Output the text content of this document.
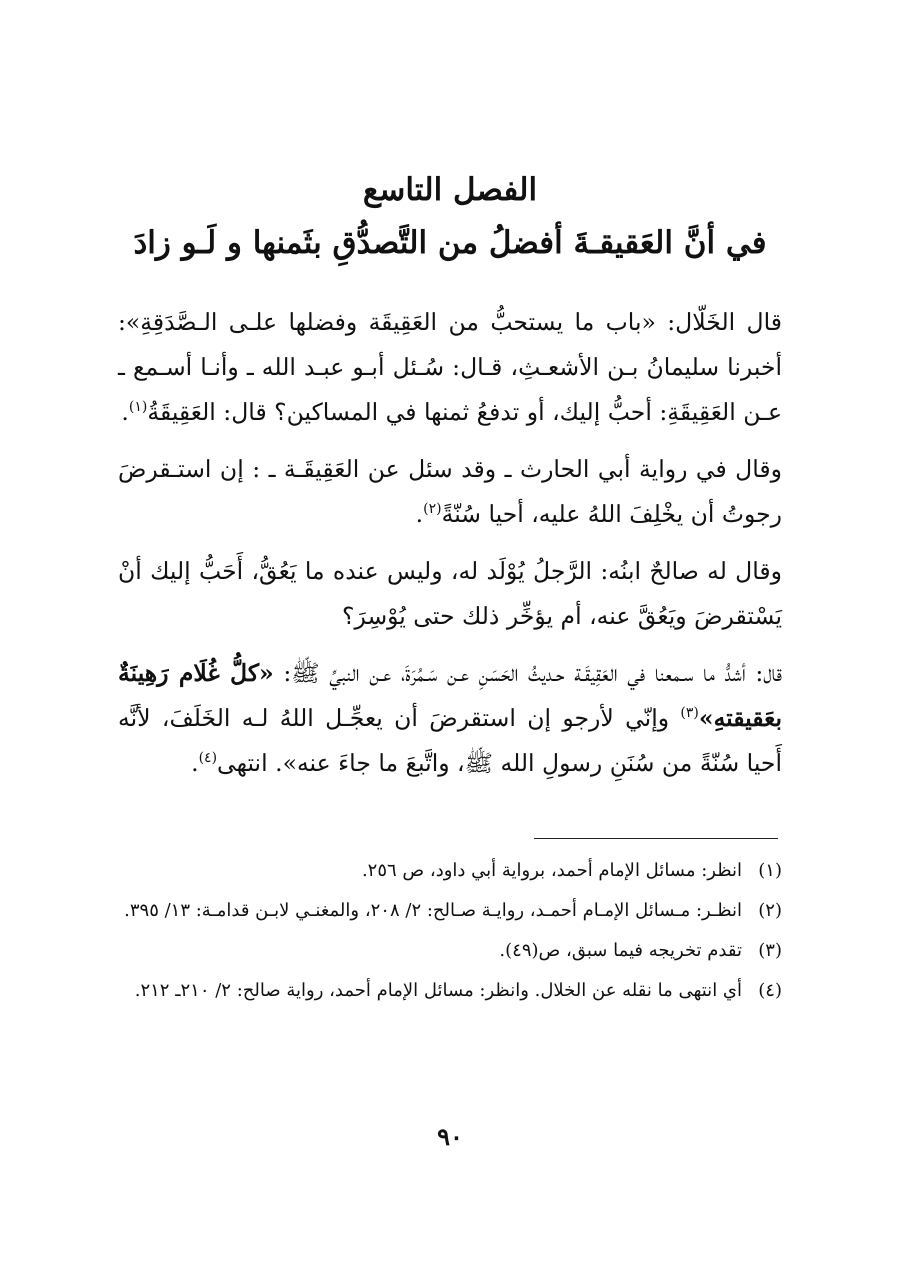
الفصل التاسع
في أنَّ العَقيقـةَ أفضلُ من التَّصدُّقِ بثَمنها و لَـو زادَ

قال الخَلّال: «باب ما يستحبُّ من العَقِيقَة وفضلها علـى الـصَّدَقِةِ»: أخبرنا سليمانُ بـن الأشعـثِ، قـال: سُـئل أبـو عبـد الله ـ وأنـا أسـمع ـ عـن العَقِيقَةِ: أحبُّ إليك، أو تدفعُ ثمنها في المساكين؟ قال: العَقِيقَةُ$^{(١)}$.

وقال في رواية أبي الحارث ـ وقد سئل عن العَقِيقَـة ـ : إن استـقرضَ رجوتُ أن يخْلِفَ اللهُ عليه، أحيا سُنّةً$^{(٢)}$.

وقال له صالحٌ ابنُه: الرَّجلُ يُوْلَد له، وليس عنده ما يَعُقُّ، أَحَبُّ إليك أنْ يَسْتقرضَ ويَعُقَّ عنه، أم يؤخِّر ذلك حتى يُوْسِرَ؟

قال: أشدُّ ما سـمعنا في العَقِيقَـة حـديثُ الحَسَنِ عـن سَـمُرَةَ، عـن النبيِّ ﷺ: «كلُّ غُلَام رَهِينَةٌ بعَقيقتهِ»$^{(٣)}$ وإنّي لأرجو إن استقرضَ أن يعجِّـل اللهُ لـه الخَلَفَ، لأنَّه أَحيا سُنّةً من سُنَنِ رسولِ الله ﷺ، واتَّبعَ ما جاءَ عنه». انتهى$^{(٤)}$.

(١)
انظر: مسائل الإمام أحمد، برواية أبي داود، ص ٢٥٦.
(٢)
انظـر: مـسائل الإمـام أحمـد، روايـة صـالح: ٢/ ٢٠٨، والمغنـي لابـن قدامـة: ١٣/ ٣٩٥.
(٣)
تقدم تخريجه فيما سبق، ص(٤٩).
(٤)
أي انتهى ما نقله عن الخلال. وانظر: مسائل الإمام أحمد، رواية صالح: ٢/ ٢١٠ـ ٢١٢.
٩٠
